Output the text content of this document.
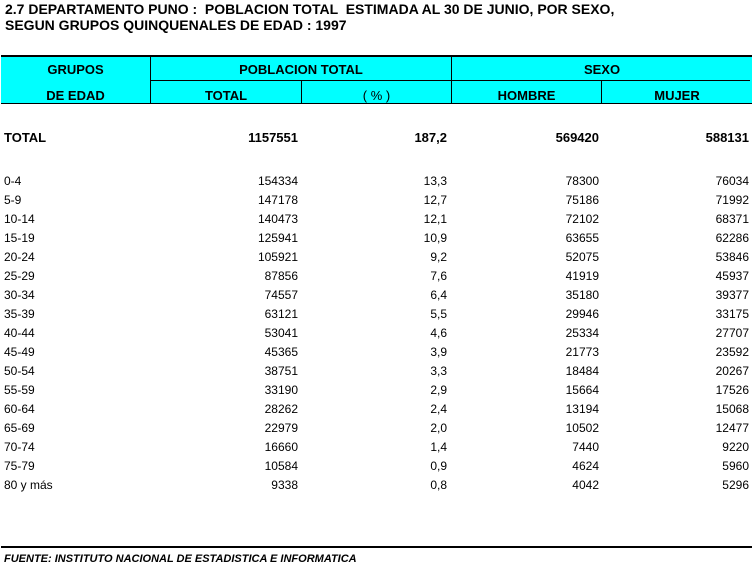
2.7 DEPARTAMENTO PUNO :  POBLACION TOTAL  ESTIMADA AL 30 DE JUNIO, POR SEXO,
SEGUN GRUPOS QUINQUENALES DE EDAD : 1997
GRUPOS
DE EDAD
POBLACION TOTAL
TOTAL	( % )
SEXO
HOMBRE	MUJER
TOTAL	1157551	187,2	569420	588131
0-4	154334	13,3	78300	76034
5-9	147178	12,7	75186	71992
10-14	140473	12,1	72102	68371
15-19	125941	10,9	63655	62286
20-24	105921	9,2	52075	53846
25-29	87856	7,6	41919	45937
30-34	74557	6,4	35180	39377
35-39	63121	5,5	29946	33175
40-44	53041	4,6	25334	27707
45-49	45365	3,9	21773	23592
50-54	38751	3,3	18484	20267
55-59	33190	2,9	15664	17526
60-64	28262	2,4	13194	15068
65-69	22979	2,0	10502	12477
70-74	16660	1,4	7440	9220
75-79	10584	0,9	4624	5960
80 y más	9338	0,8	4042	5296
FUENTE: INSTITUTO NACIONAL DE ESTADISTICA E INFORMATICA
